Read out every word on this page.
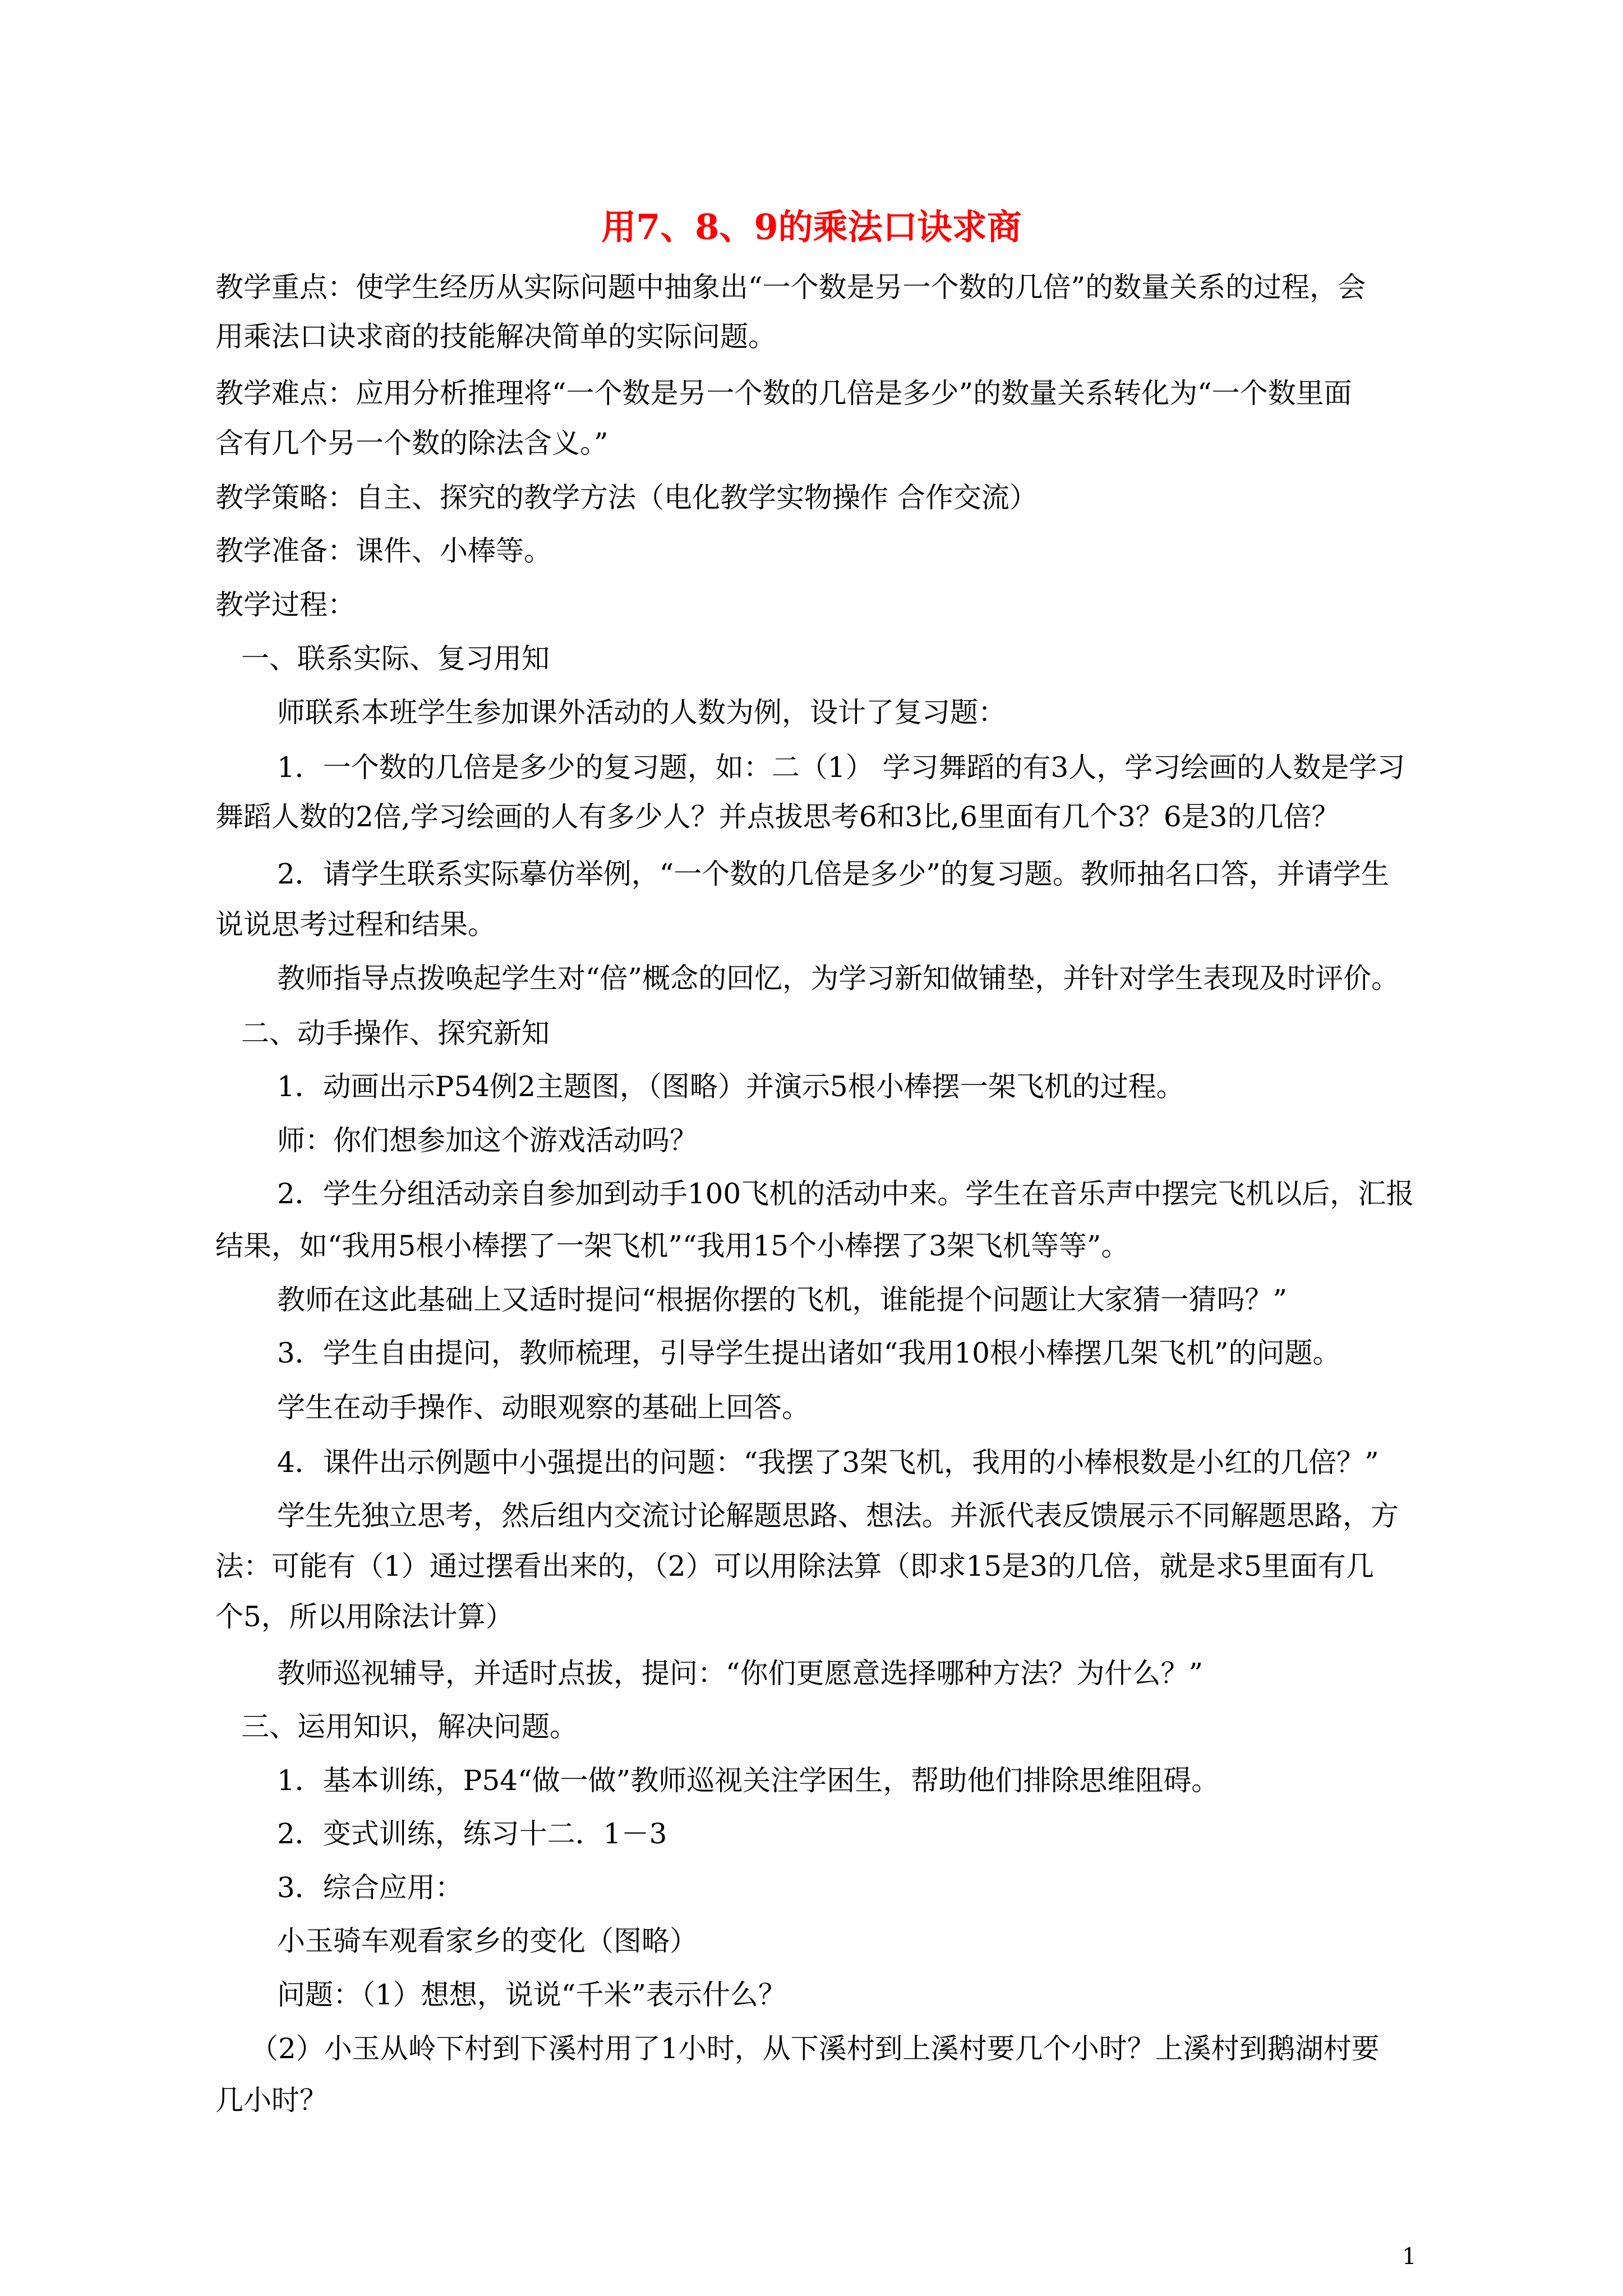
用7、8、9的乘法口诀求商
教学重点：使学生经历从实际问题中抽象出“一个数是另一个数的几倍”的数量关系的过程，会
用乘法口诀求商的技能解决简单的实际问题。
教学难点：应用分析推理将“一个数是另一个数的几倍是多少”的数量关系转化为“一个数里面
含有几个另一个数的除法含义。”
教学策略：自主、探究的教学方法（电化教学实物操作 合作交流）
教学准备：课件、小棒等。
教学过程：
一、联系实际、复习用知
师联系本班学生参加课外活动的人数为例，设计了复习题：
1．一个数的几倍是多少的复习题，如：二（1） 学习舞蹈的有3人，学习绘画的人数是学习
舞蹈人数的2倍,学习绘画的人有多少人？并点拔思考6和3比,6里面有几个3？6是3的几倍？
2．请学生联系实际摹仿举例，“一个数的几倍是多少”的复习题。教师抽名口答，并请学生
说说思考过程和结果。
教师指导点拨唤起学生对“倍”概念的回忆，为学习新知做铺垫，并针对学生表现及时评价。
二、动手操作、探究新知
1．动画出示P54例2主题图，（图略）并演示5根小棒摆一架飞机的过程。
师：你们想参加这个游戏活动吗？
2．学生分组活动亲自参加到动手100飞机的活动中来。学生在音乐声中摆完飞机以后，汇报
结果，如“我用5根小棒摆了一架飞机”“我用15个小棒摆了3架飞机等等”。
教师在这此基础上又适时提问“根据你摆的飞机，谁能提个问题让大家猜一猜吗？”
3．学生自由提问，教师梳理，引导学生提出诸如“我用10根小棒摆几架飞机”的问题。
学生在动手操作、动眼观察的基础上回答。
4．课件出示例题中小强提出的问题：“我摆了3架飞机，我用的小棒根数是小红的几倍？”
学生先独立思考，然后组内交流讨论解题思路、想法。并派代表反馈展示不同解题思路，方
法：可能有（1）通过摆看出来的，（2）可以用除法算（即求15是3的几倍，就是求5里面有几
个5，所以用除法计算）
教师巡视辅导，并适时点拔，提问：“你们更愿意选择哪种方法？为什么？”
三、运用知识，解决问题。
1．基本训练，P54“做一做”教师巡视关注学困生，帮助他们排除思维阻碍。
2．变式训练，练习十二．1－3
3．综合应用：
小玉骑车观看家乡的变化（图略）
问题：（1）想想，说说“千米”表示什么？
（2）小玉从岭下村到下溪村用了1小时，从下溪村到上溪村要几个小时？上溪村到鹅湖村要
几小时？
1
